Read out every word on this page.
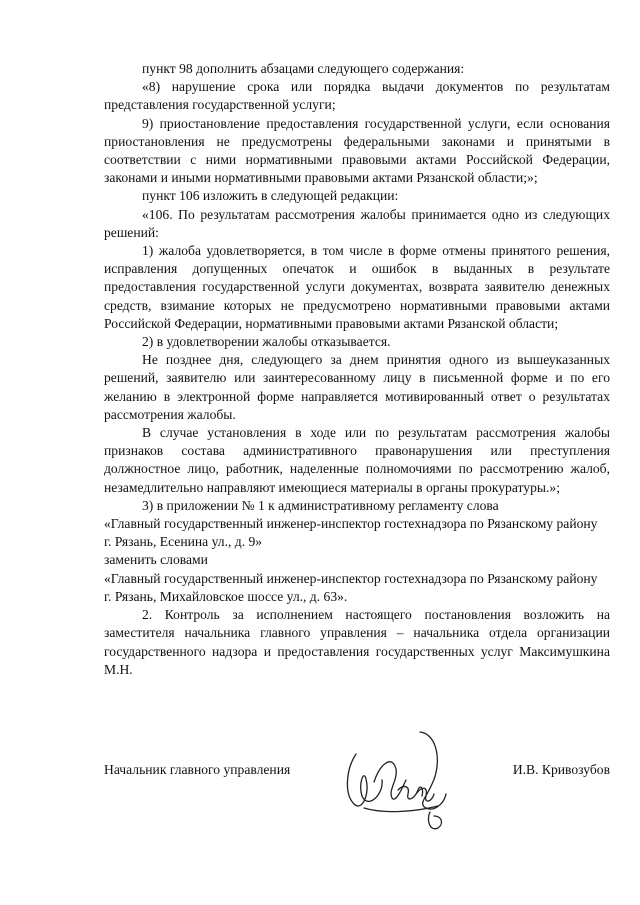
пункт 98 дополнить абзацами следующего содержания:

«8) нарушение срока или порядка выдачи документов по результатам представления государственной услуги;

9) приостановление предоставления государственной услуги, если основания приостановления не предусмотрены федеральными законами и принятыми в соответствии с ними нормативными правовыми актами Российской Федерации, законами и иными нормативными правовыми актами Рязанской области;»;

пункт 106 изложить в следующей редакции:

«106. По результатам рассмотрения жалобы принимается одно из следующих решений:

1) жалоба удовлетворяется, в том числе в форме отмены принятого решения, исправления допущенных опечаток и ошибок в выданных в результате предоставления государственной услуги документах, возврата заявителю денежных средств, взимание которых не предусмотрено нормативными правовыми актами Российской Федерации, нормативными правовыми актами Рязанской области;

2) в удовлетворении жалобы отказывается.

Не позднее дня, следующего за днем принятия одного из вышеуказанных решений, заявителю или заинтересованному лицу в письменной форме и по его желанию в электронной форме направляется мотивированный ответ о результатах рассмотрения жалобы.

В случае установления в ходе или по результатам рассмотрения жалобы признаков состава административного правонарушения или преступления должностное лицо, работник, наделенные полномочиями по рассмотрению жалоб, незамедлительно направляют имеющиеся материалы в органы прокуратуры.»;

3) в приложении № 1 к административному регламенту слова

«Главный государственный инженер-инспектор гостехнадзора по Рязанскому району

г. Рязань, Есенина ул., д. 9»

заменить словами

«Главный государственный инженер-инспектор гостехнадзора по Рязанскому району

г. Рязань, Михайловское шоссе ул., д. 63».

2. Контроль за исполнением настоящего постановления возложить на заместителя начальника главного управления – начальника отдела организации государственного надзора и предоставления государственных услуг Максимушкина М.Н.

Начальник главного управления	И.В. Кривозубов
